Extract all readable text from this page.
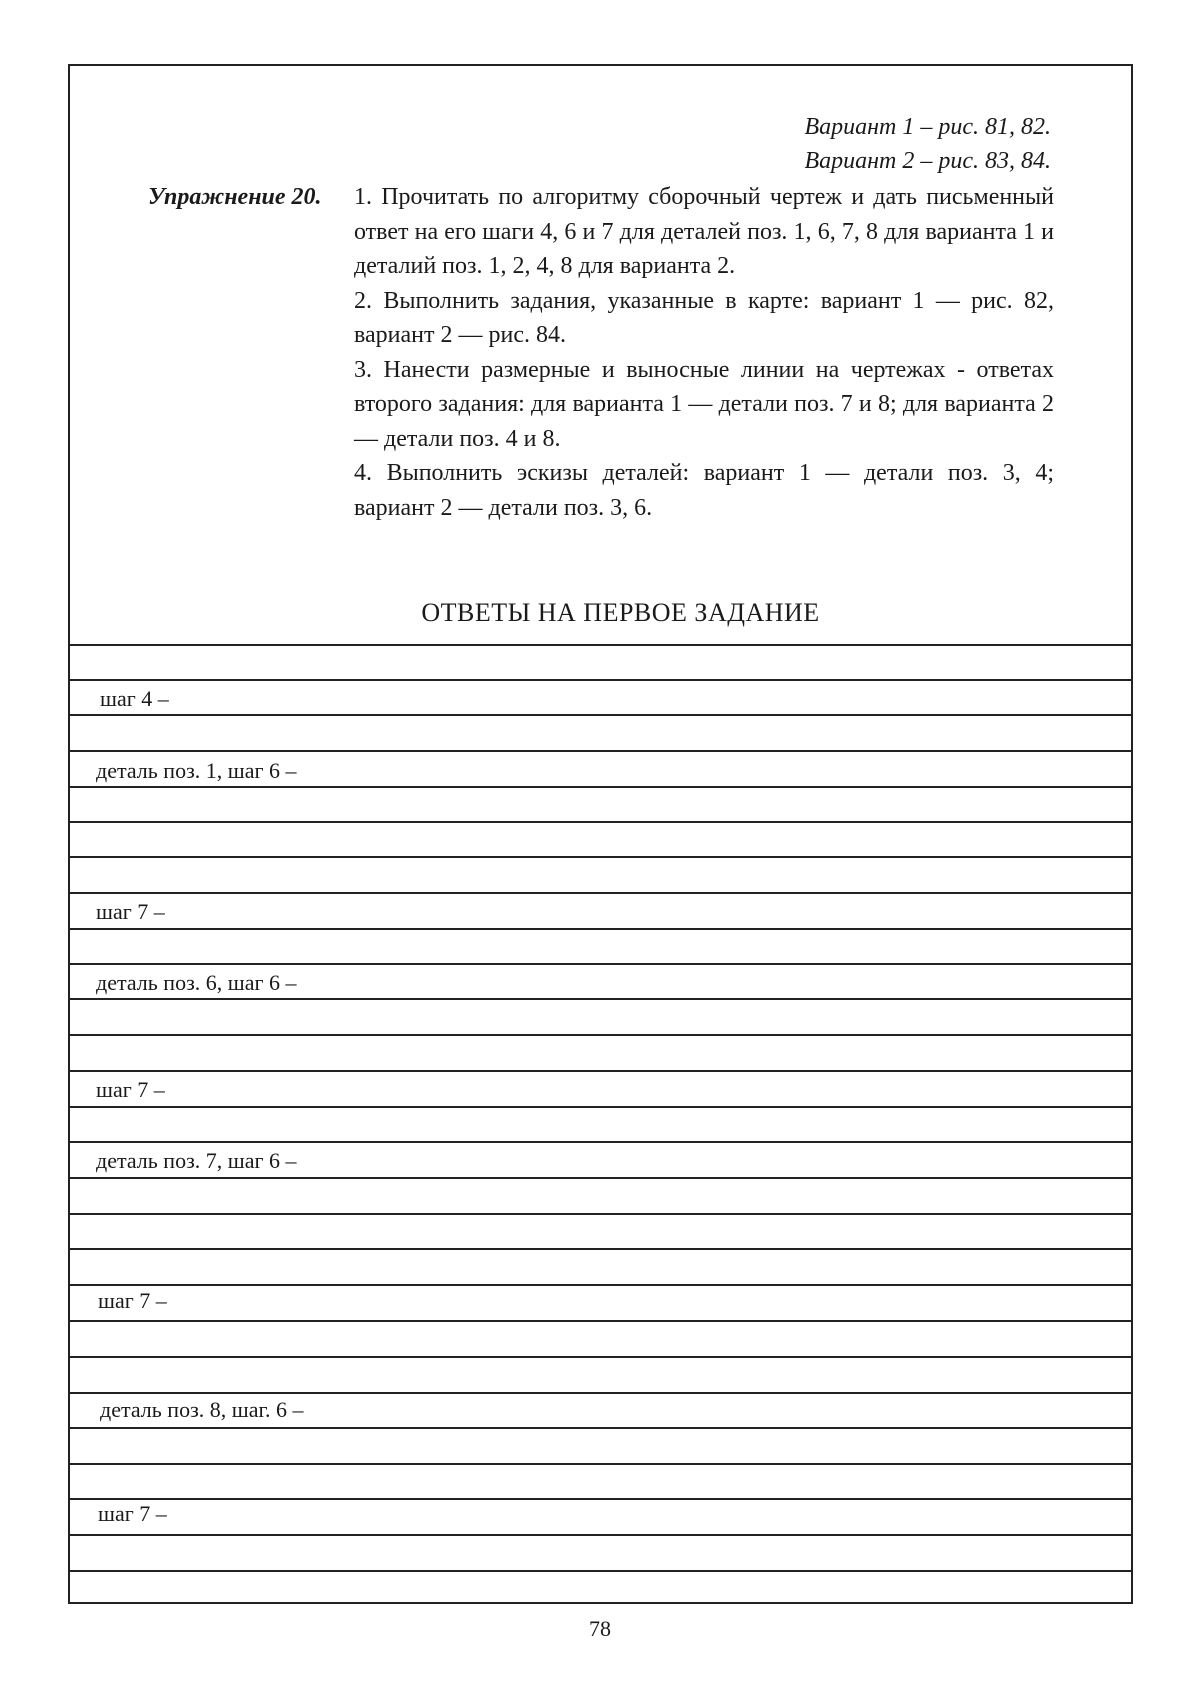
Вариант 1 – рис. 81, 82.
Вариант 2 – рис. 83, 84.
Упражнение 20. 1. Прочитать по алгоритму сборочный чертеж и дать письменный ответ на его шаги 4, 6 и 7 для деталей поз. 1, 6, 7, 8 для варианта 1 и деталий поз. 1, 2, 4, 8 для варианта 2.

2. Выполнить задания, указанные в карте: вариант 1 — рис. 82, вариант 2 — рис. 84.

3. Нанести размерные и выносные линии на чертежах - ответах второго задания: для варианта 1 — детали поз. 7 и 8; для варианта 2 — детали поз. 4 и 8.

4. Выполнить эскизы деталей: вариант 1 — детали поз. 3, 4; вариант 2 — детали поз. 3, 6.

ОТВЕТЫ НА ПЕРВОЕ ЗАДАНИЕ
шаг 4 –
деталь поз. 1, шаг 6 –
шаг 7 –
деталь поз. 6, шаг 6 –
шаг 7 –
деталь поз. 7, шаг 6 –
шаг 7 –
деталь поз. 8, шаг. 6 –
шаг 7 –
78
